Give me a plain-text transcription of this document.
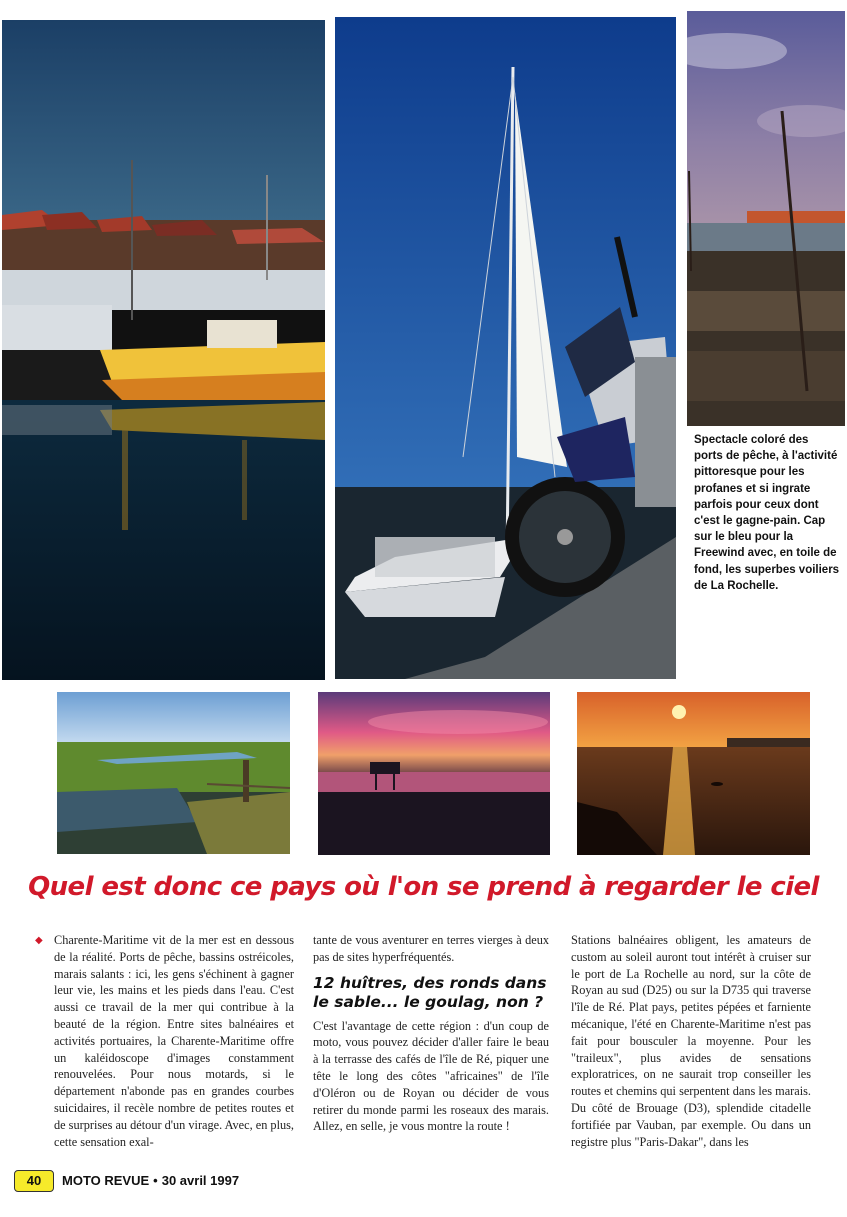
Spectacle coloré des ports de pêche, à l'activité pittoresque pour les profanes et si ingrate parfois pour ceux dont c'est le gagne-pain. Cap sur le bleu pour la Freewind avec, en toile de fond, les superbes voiliers de La Rochelle.
Quel est donc ce pays où l'on se prend à regarder le ciel
◆ Charente-Maritime vit de la mer est en dessous de la réalité. Ports de pêche, bassins ostréicoles, marais salants : ici, les gens s'échinent à gagner leur vie, les mains et les pieds dans l'eau. C'est aussi ce travail de la mer qui contribue à la beauté de la région. Entre sites balnéaires et activités portuaires, la Charente-Maritime offre un kaléidoscope d'images constamment renouvelées. Pour nous motards, si le département n'abonde pas en grandes courbes suicidaires, il recèle nombre de petites routes et de surprises au détour d'un virage. Avec, en plus, cette sensation exal-

tante de vous aventurer en terres vierges à deux pas de sites hyperfréquentés.

12 huîtres, des ronds dans le sable... le goulag, non ?

C'est l'avantage de cette région : d'un coup de moto, vous pouvez décider d'aller faire le beau à la terrasse des cafés de l'île de Ré, piquer une tête le long des côtes "africaines" de l'île d'Oléron ou de Royan ou décider de vous retirer du monde parmi les roseaux des marais. Allez, en selle, je vous montre la route !

Stations balnéaires obligent, les amateurs de custom au soleil auront tout intérêt à cruiser sur le port de La Rochelle au nord, sur la côte de Royan au sud (D25) ou sur la D735 qui traverse l'île de Ré. Plat pays, petites pépées et farniente mécanique, l'été en Charente-Maritime n'est pas fait pour bousculer la moyenne. Pour les "traileux", plus avides de sensations exploratrices, on ne saurait trop conseiller les routes et chemins qui serpentent dans les marais. Du côté de Brouage (D3), splendide citadelle fortifiée par Vauban, par exemple. Ou dans un registre plus "Paris-Dakar", dans les

40	MOTO REVUE • 30 avril 1997
